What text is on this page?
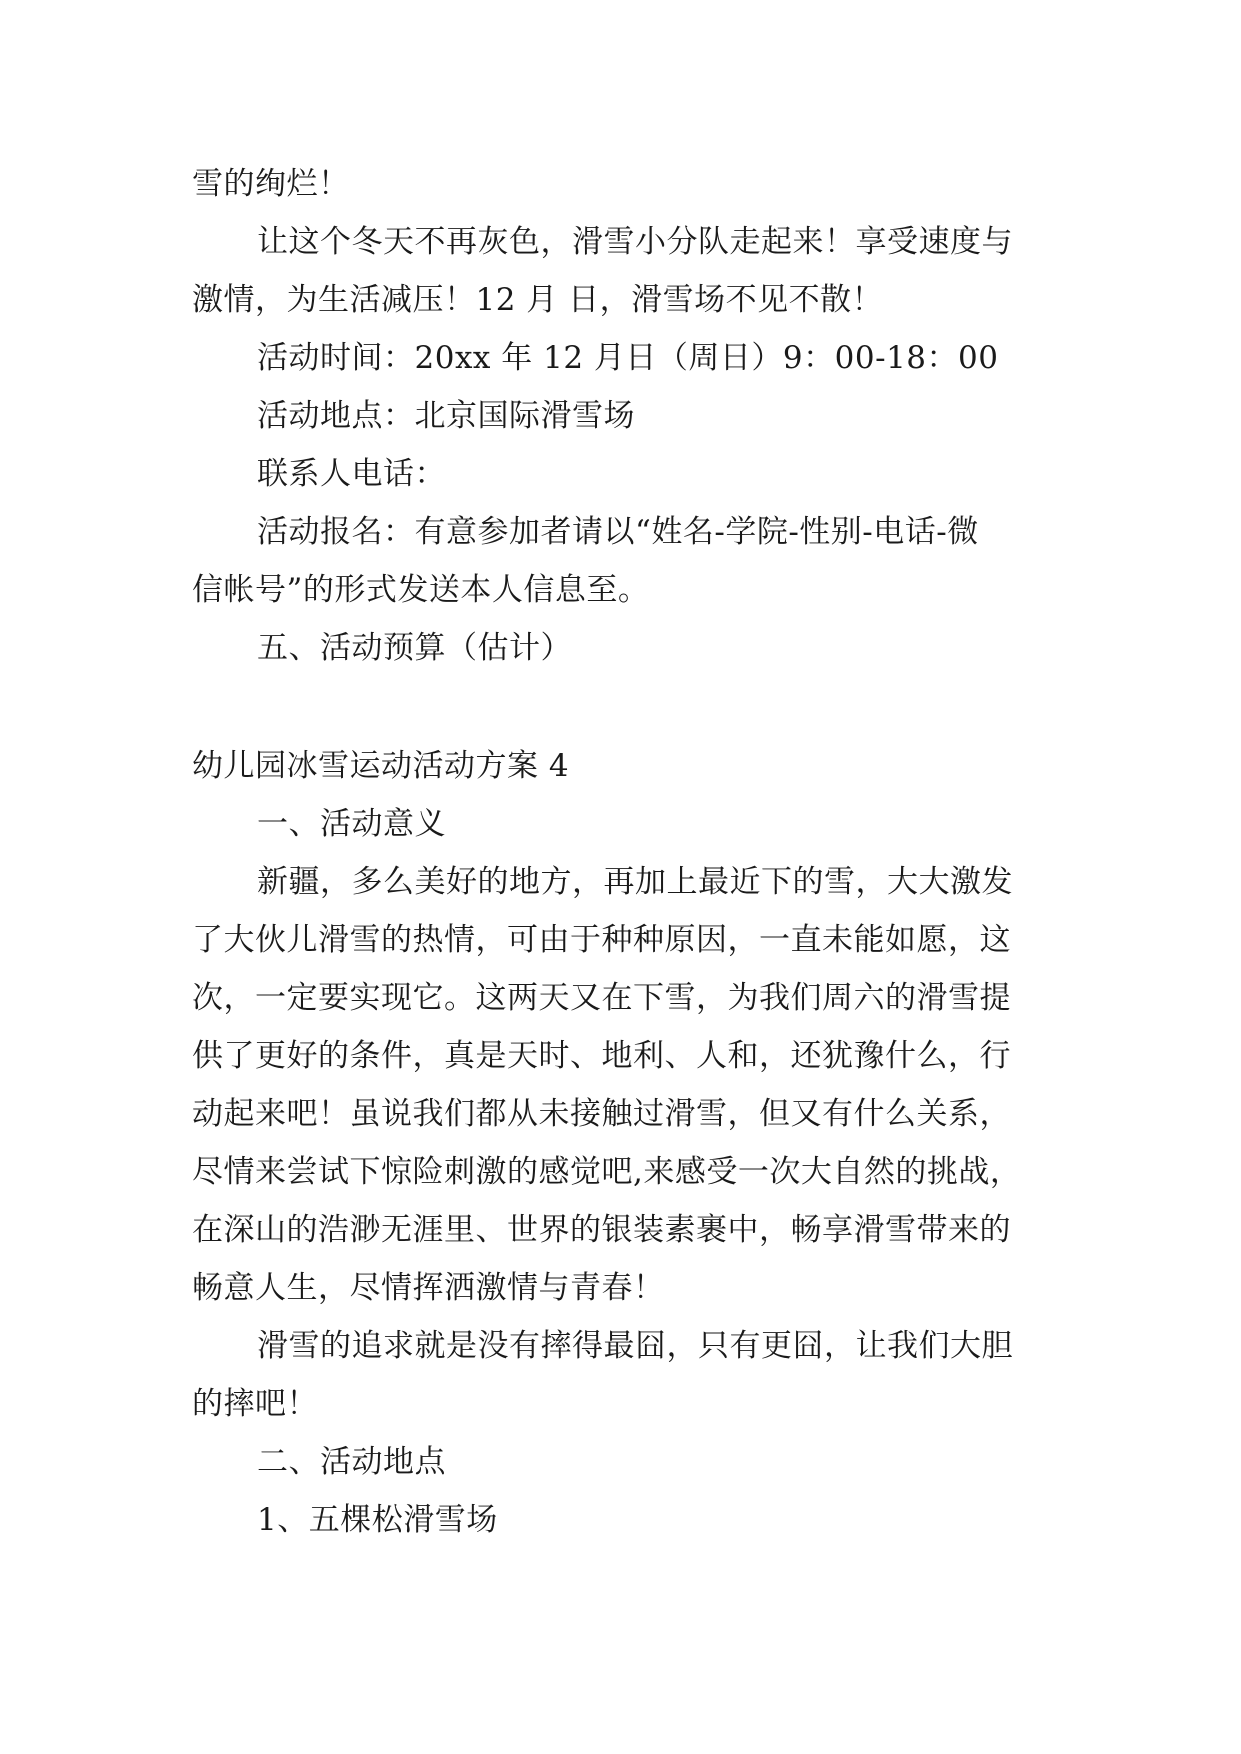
雪的绚烂！
让这个冬天不再灰色，滑雪小分队走起来！享受速度与
激情，为生活减压！12 月 日，滑雪场不见不散！
活动时间：20xx 年 12 月日（周日）9：00-18：00
活动地点：北京国际滑雪场
联系人电话：
活动报名：有意参加者请以“姓名-学院-性别-电话-微
信帐号”的形式发送本人信息至。
五、活动预算（估计）
幼儿园冰雪运动活动方案 4
一、活动意义
新疆，多么美好的地方，再加上最近下的雪，大大激发
了大伙儿滑雪的热情，可由于种种原因，一直未能如愿，这
次，一定要实现它。这两天又在下雪，为我们周六的滑雪提
供了更好的条件，真是天时、地利、人和，还犹豫什么，行
动起来吧！虽说我们都从未接触过滑雪，但又有什么关系，
尽情来尝试下惊险刺激的感觉吧,来感受一次大自然的挑战，
在深山的浩渺无涯里、世界的银装素裹中，畅享滑雪带来的
畅意人生，尽情挥洒激情与青春！
滑雪的追求就是没有摔得最囧，只有更囧，让我们大胆
的摔吧！
二、活动地点
1、五棵松滑雪场
